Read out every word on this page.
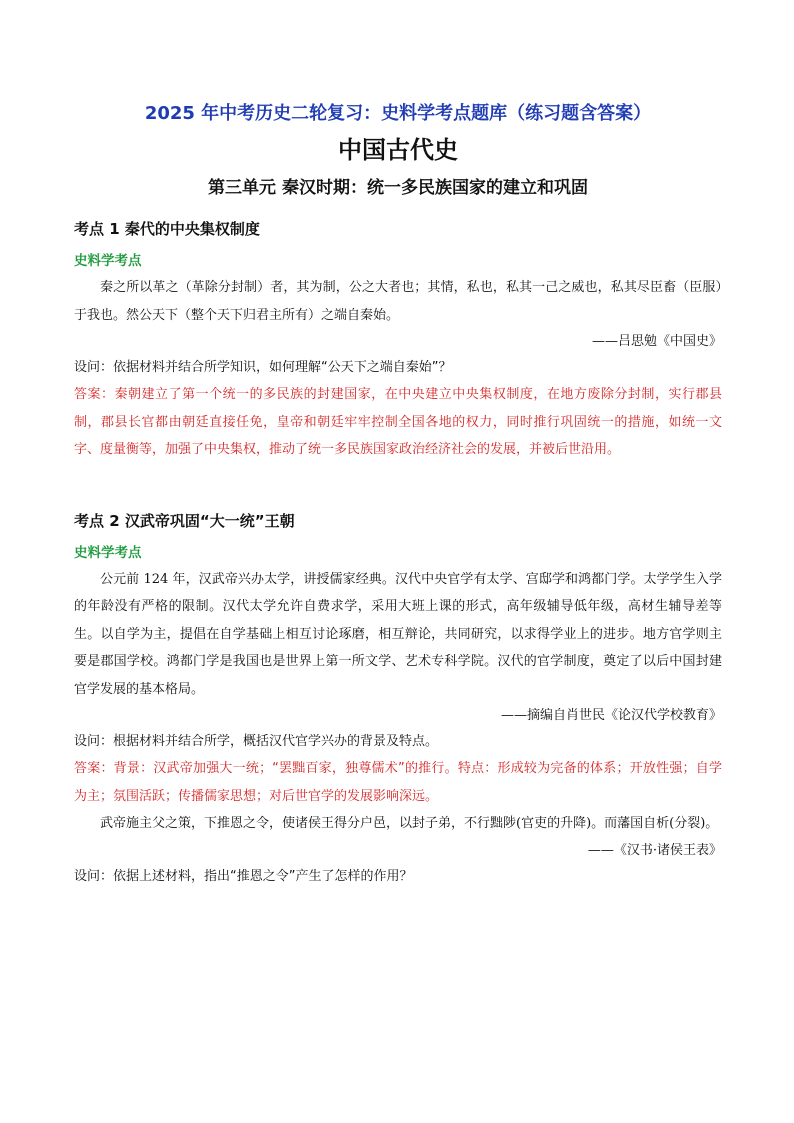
2025 年中考历史二轮复习：史料学考点题库（练习题含答案）
中国古代史
第三单元 秦汉时期：统一多民族国家的建立和巩固
考点 1 秦代的中央集权制度

史料学考点

秦之所以革之（革除分封制）者，其为制，公之大者也；其情，私也，私其一己之威也，私其尽臣畜（臣服）于我也。然公天下（整个天下归君主所有）之端自秦始。

——吕思勉《中国史》

设问：依据材料并结合所学知识，如何理解“公天下之端自秦始”？

答案：秦朝建立了第一个统一的多民族的封建国家，在中央建立中央集权制度，在地方废除分封制，实行郡县制，郡县长官都由朝廷直接任免，皇帝和朝廷牢牢控制全国各地的权力，同时推行巩固统一的措施，如统一文字、度量衡等，加强了中央集权，推动了统一多民族国家政治经济社会的发展，并被后世沿用。

考点 2 汉武帝巩固“大一统”王朝

史料学考点

公元前 124 年，汉武帝兴办太学，讲授儒家经典。汉代中央官学有太学、宫邸学和鸿都门学。太学学生入学的年龄没有严格的限制。汉代太学允许自费求学，采用大班上课的形式，高年级辅导低年级，高材生辅导差等生。以自学为主，提倡在自学基础上相互讨论琢磨，相互辩论，共同研究，以求得学业上的进步。地方官学则主要是郡国学校。鸿都门学是我国也是世界上第一所文学、艺术专科学院。汉代的官学制度，奠定了以后中国封建官学发展的基本格局。

——摘编自肖世民《论汉代学校教育》

设问：根据材料并结合所学，概括汉代官学兴办的背景及特点。

答案：背景：汉武帝加强大一统；“罢黜百家，独尊儒术”的推行。特点：形成较为完备的体系；开放性强；自学为主；氛围活跃；传播儒家思想；对后世官学的发展影响深远。

武帝施主父之策，下推恩之令，使诸侯王得分户邑，以封子弟，不行黜陟(官吏的升降)。而藩国自析(分裂)。

——《汉书·诸侯王表》

设问：依据上述材料，指出“推恩之令”产生了怎样的作用？
